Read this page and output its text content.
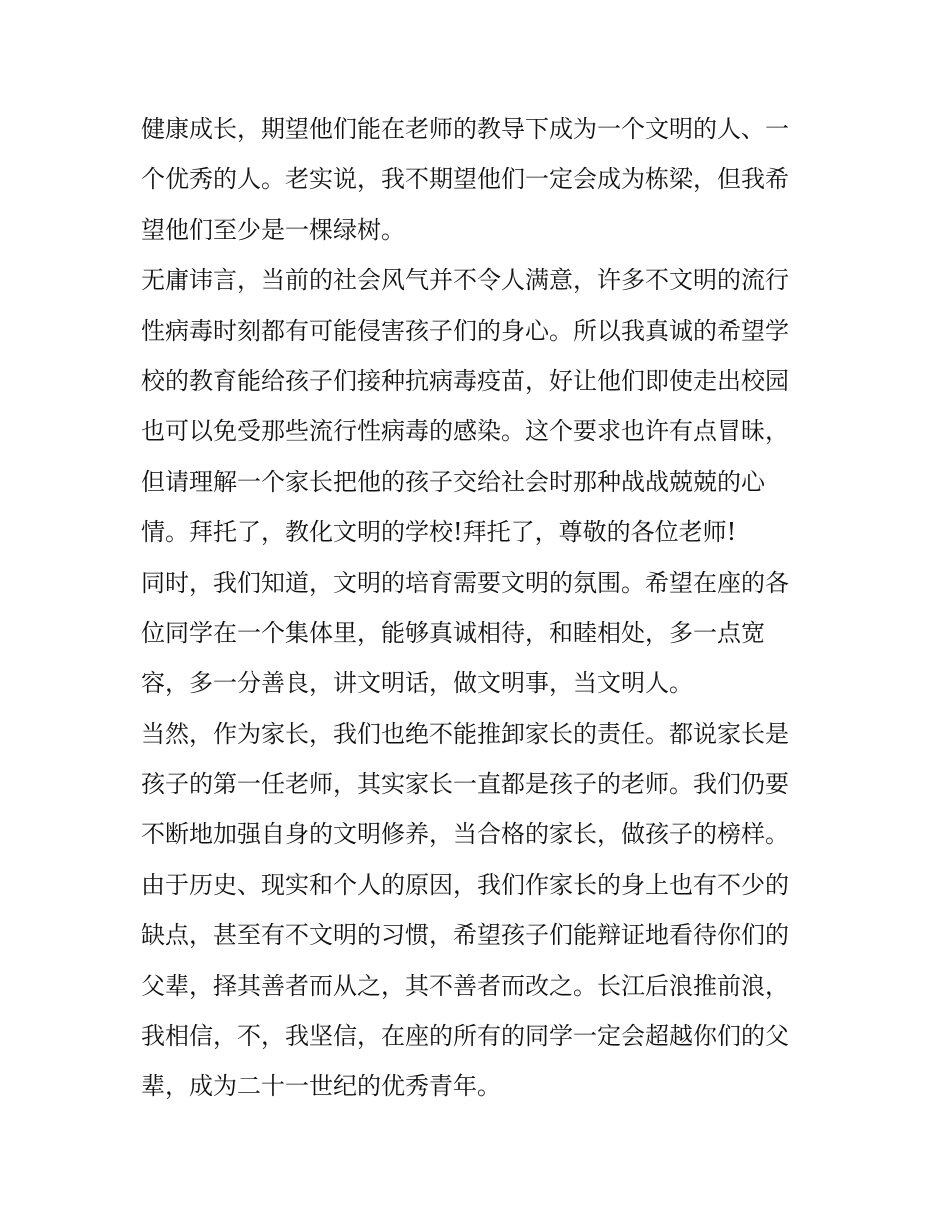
健康成长，期望他们能在老师的教导下成为一个文明的人、一
个优秀的人。老实说，我不期望他们一定会成为栋梁，但我希
望他们至少是一棵绿树。
无庸讳言，当前的社会风气并不令人满意，许多不文明的流行
性病毒时刻都有可能侵害孩子们的身心。所以我真诚的希望学
校的教育能给孩子们接种抗病毒疫苗，好让他们即使走出校园
也可以免受那些流行性病毒的感染。这个要求也许有点冒昧，
但请理解一个家长把他的孩子交给社会时那种战战兢兢的心
情。拜托了，教化文明的学校!拜托了，尊敬的各位老师!
同时，我们知道，文明的培育需要文明的氛围。希望在座的各
位同学在一个集体里，能够真诚相待，和睦相处，多一点宽
容，多一分善良，讲文明话，做文明事，当文明人。
当然，作为家长，我们也绝不能推卸家长的责任。都说家长是
孩子的第一任老师，其实家长一直都是孩子的老师。我们仍要
不断地加强自身的文明修养，当合格的家长，做孩子的榜样。
由于历史、现实和个人的原因，我们作家长的身上也有不少的
缺点，甚至有不文明的习惯，希望孩子们能辩证地看待你们的
父辈，择其善者而从之，其不善者而改之。长江后浪推前浪，
我相信，不，我坚信，在座的所有的同学一定会超越你们的父
辈，成为二十一世纪的优秀青年。
